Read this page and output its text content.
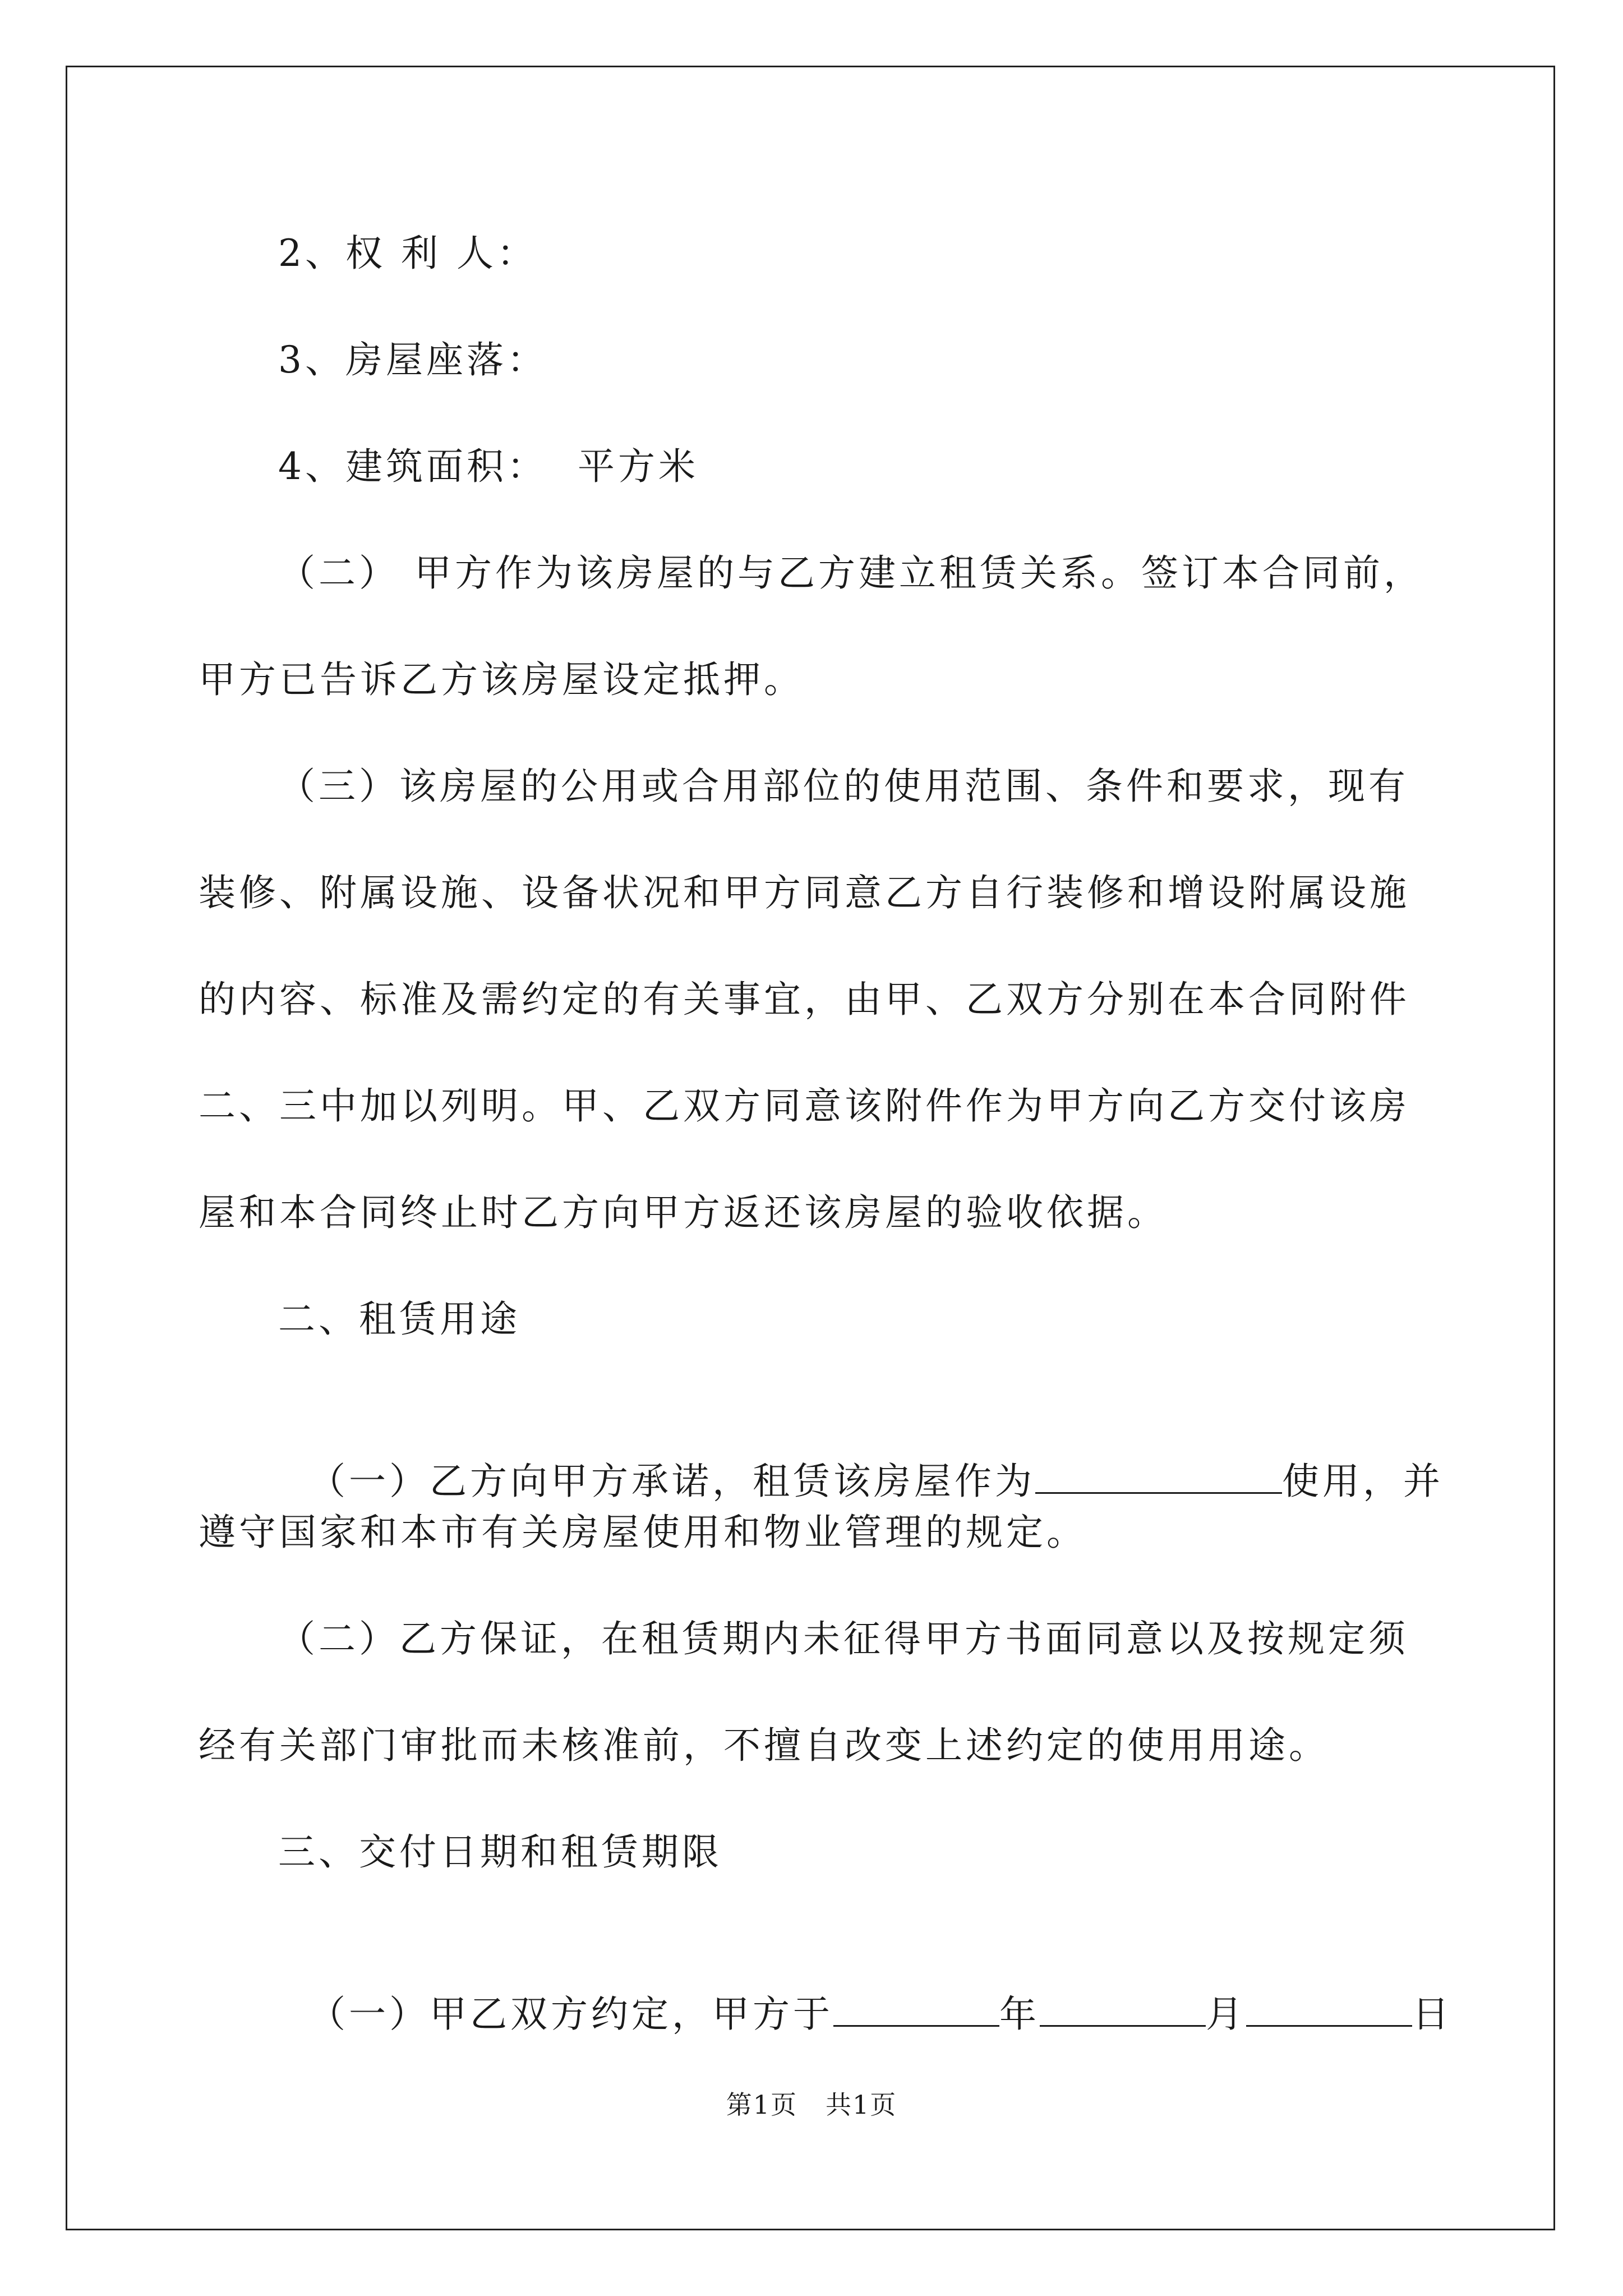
2、权 利 人：
3、房屋座落：
4、建筑面积：  平方米
（二） 甲方作为该房屋的与乙方建立租赁关系。签订本合同前，
甲方已告诉乙方该房屋设定抵押。
（三）该房屋的公用或合用部位的使用范围、条件和要求，现有
装修、附属设施、设备状况和甲方同意乙方自行装修和增设附属设施
的内容、标准及需约定的有关事宜，由甲、乙双方分别在本合同附件
二、三中加以列明。甲、乙双方同意该附件作为甲方向乙方交付该房
屋和本合同终止时乙方向甲方返还该房屋的验收依据。
二、租赁用途

（一）乙方向甲方承诺，租赁该房屋作为	使用，并

遵守国家和本市有关房屋使用和物业管理的规定。
（二）乙方保证，在租赁期内未征得甲方书面同意以及按规定须
经有关部门审批而未核准前，不擅自改变上述约定的使用用途。
三、交付日期和租赁期限

（一）甲乙双方约定，甲方于	年	月	日

第1页 共1页
